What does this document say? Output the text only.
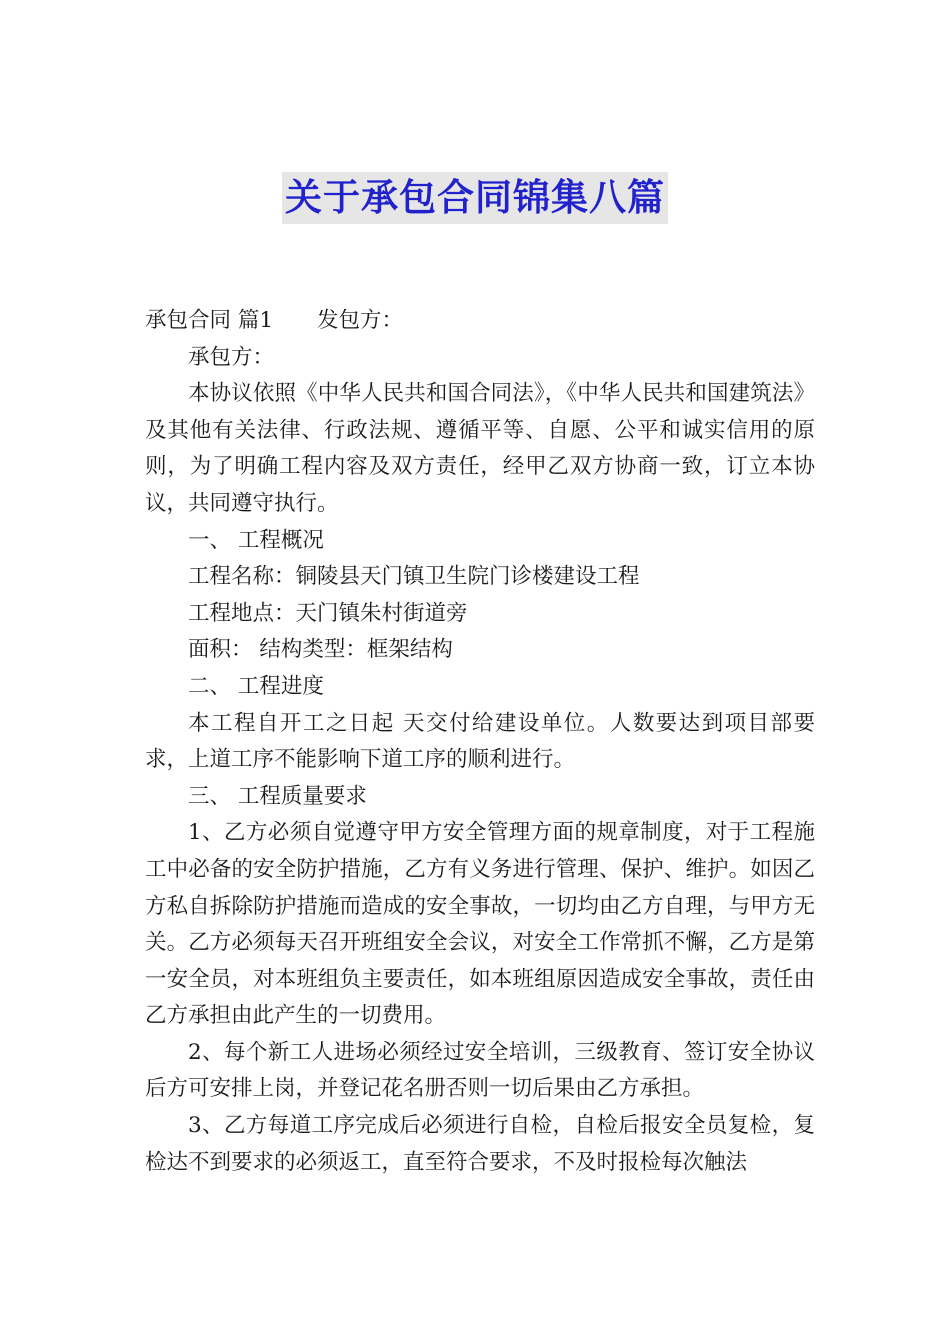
关于承包合同锦集八篇

承包合同 篇1 发包方：

承包方：

本协议依照《中华人民共和国合同法》，《中华人民共和国建筑法》及其他有关法律、行政法规、遵循平等、自愿、公平和诚实信用的原则，为了明确工程内容及双方责任，经甲乙双方协商一致，订立本协议，共同遵守执行。

一、 工程概况

工程名称：铜陵县天门镇卫生院门诊楼建设工程

工程地点：天门镇朱村街道旁

面积： 结构类型：框架结构

二、 工程进度

本工程自开工之日起 天交付给建设单位。人数要达到项目部要求，上道工序不能影响下道工序的顺利进行。

三、 工程质量要求

1、乙方必须自觉遵守甲方安全管理方面的规章制度，对于工程施工中必备的安全防护措施，乙方有义务进行管理、保护、维护。如因乙方私自拆除防护措施而造成的安全事故，一切均由乙方自理，与甲方无关。乙方必须每天召开班组安全会议，对安全工作常抓不懈，乙方是第一安全员，对本班组负主要责任，如本班组原因造成安全事故，责任由乙方承担由此产生的一切费用。

2、每个新工人进场必须经过安全培训，三级教育、签订安全协议后方可安排上岗，并登记花名册否则一切后果由乙方承担。

3、乙方每道工序完成后必须进行自检，自检后报安全员复检，复检达不到要求的必须返工，直至符合要求，不及时报检每次触法
